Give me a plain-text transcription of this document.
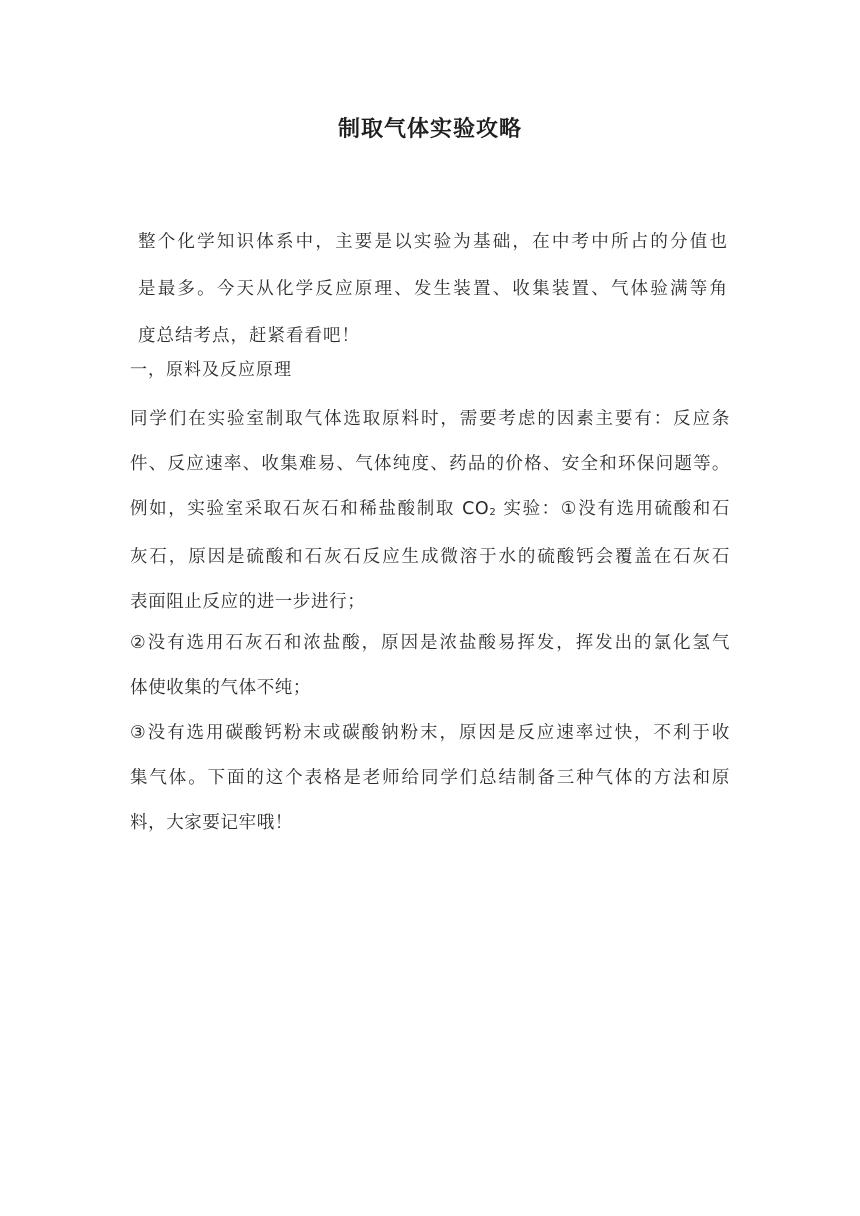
制取气体实验攻略
整个化学知识体系中，主要是以实验为基础，在中考中所占的分值也
是最多。今天从化学反应原理、发生装置、收集装置、气体验满等角
度总结考点，赶紧看看吧！
一，原料及反应原理
同学们在实验室制取气体选取原料时，需要考虑的因素主要有：反应条
件、反应速率、收集难易、气体纯度、药品的价格、安全和环保问题等。
例如，实验室采取石灰石和稀盐酸制取 $CO_2$ 实验：①没有选用硫酸和石
灰石，原因是硫酸和石灰石反应生成微溶于水的硫酸钙会覆盖在石灰石
表面阻止反应的进一步进行；
②没有选用石灰石和浓盐酸，原因是浓盐酸易挥发，挥发出的氯化氢气
体使收集的气体不纯；
③没有选用碳酸钙粉末或碳酸钠粉末，原因是反应速率过快，不利于收
集气体。下面的这个表格是老师给同学们总结制备三种气体的方法和原
料，大家要记牢哦！
